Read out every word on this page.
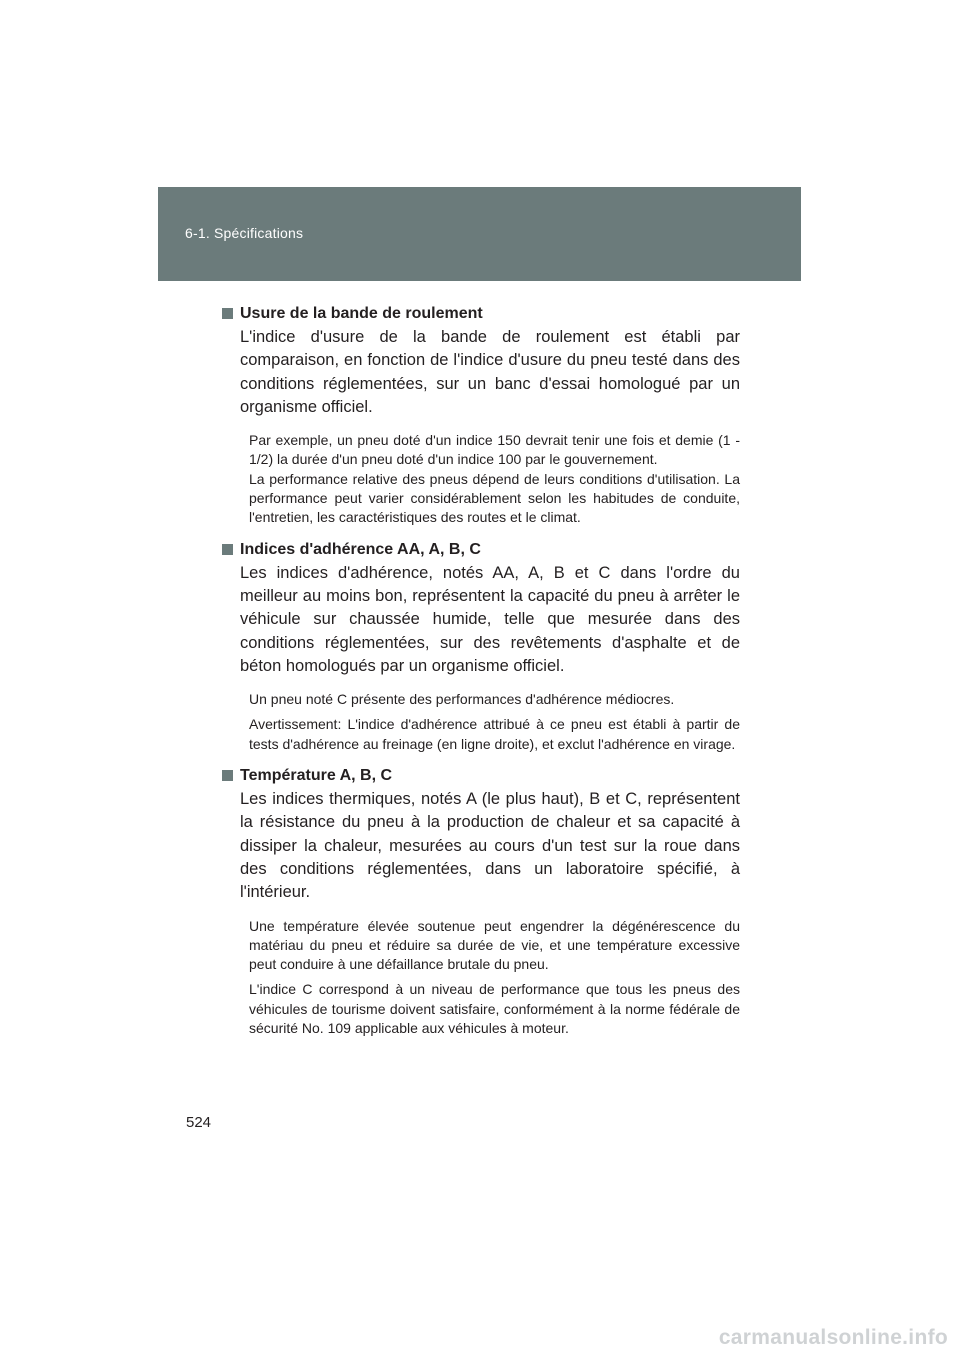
6-1. Spécifications
Usure de la bande de roulement
L'indice d'usure de la bande de roulement est établi par comparaison, en fonction de l'indice d'usure du pneu testé dans des conditions réglementées, sur un banc d'essai homologué par un organisme officiel.

Par exemple, un pneu doté d'un indice 150 devrait tenir une fois et demie (1 - 1/2) la durée d'un pneu doté d'un indice 100 par le gouvernement.

La performance relative des pneus dépend de leurs conditions d'utilisation. La performance peut varier considérablement selon les habitudes de conduite, l'entretien, les caractéristiques des routes et le climat.

Indices d'adhérence AA, A, B, C
Les indices d'adhérence, notés AA, A, B et C dans l'ordre du meilleur au moins bon, représentent la capacité du pneu à arrêter le véhicule sur chaussée humide, telle que mesurée dans des conditions réglementées, sur des revêtements d'asphalte et de béton homologués par un organisme officiel.

Un pneu noté C présente des performances d'adhérence médiocres.

Avertissement: L'indice d'adhérence attribué à ce pneu est établi à partir de tests d'adhérence au freinage (en ligne droite), et exclut l'adhérence en virage.

Température A, B, C
Les indices thermiques, notés A (le plus haut), B et C, représentent la résistance du pneu à la production de chaleur et sa capacité à dissiper la chaleur, mesurées au cours d'un test sur la roue dans des conditions réglementées, dans un laboratoire spécifié, à l'intérieur.

Une température élevée soutenue peut engendrer la dégénérescence du matériau du pneu et réduire sa durée de vie, et une température excessive peut conduire à une défaillance brutale du pneu.

L'indice C correspond à un niveau de performance que tous les pneus des véhicules de tourisme doivent satisfaire, conformément à la norme fédérale de sécurité No. 109 applicable aux véhicules à moteur.

524
carmanualsonline.info
